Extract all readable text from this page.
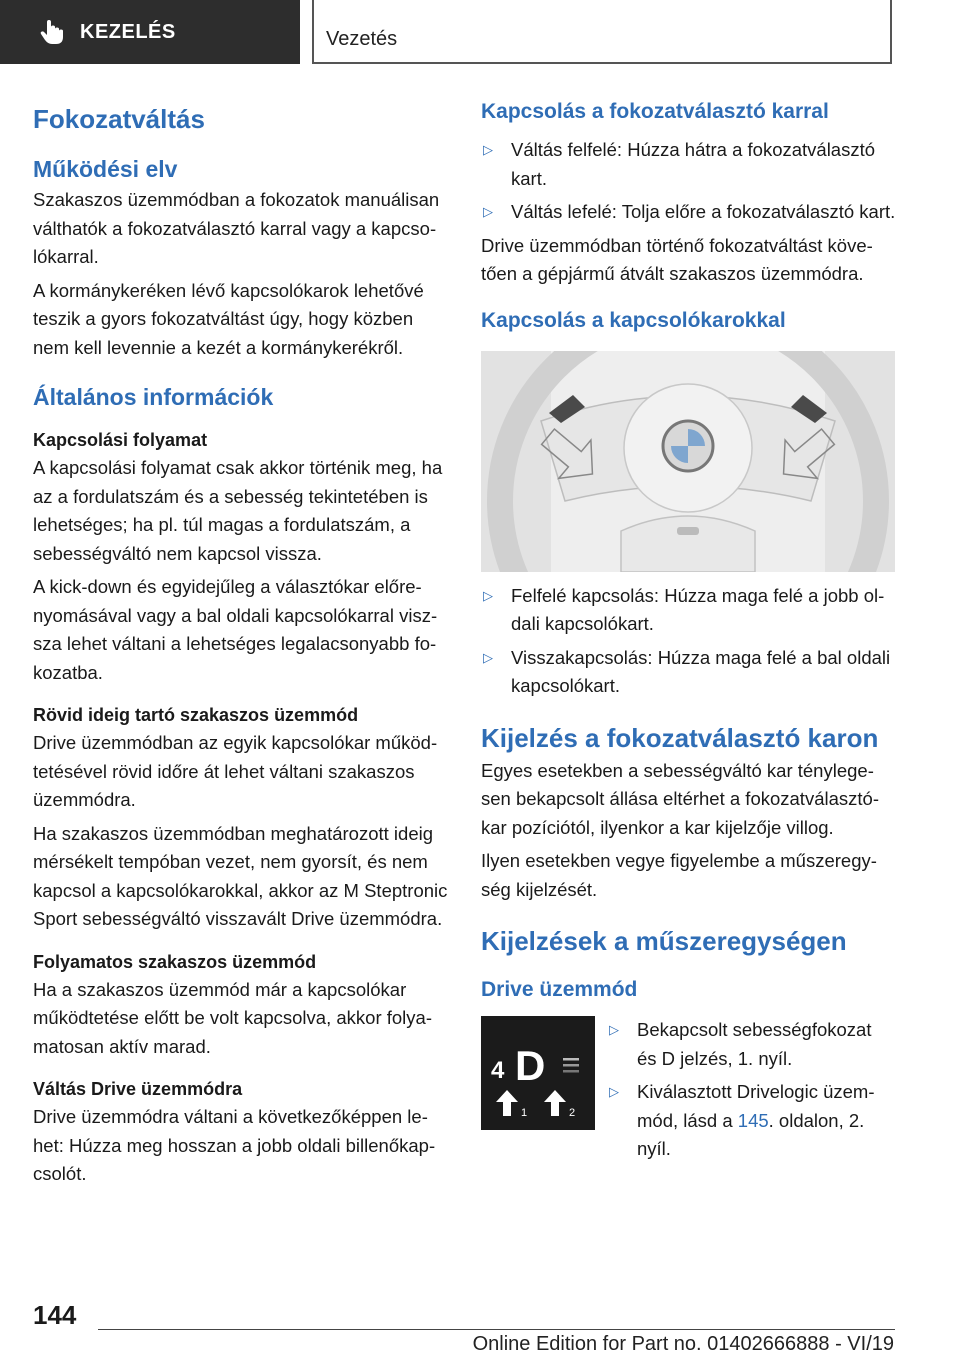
KEZELÉS	Vezetés
Fokozatváltás
Működési elv

Szakaszos üzemmódban a fokozatok manuálisan válthatók a fokozatválasztó karral vagy a kapcsolókarral.

A kormánykeréken lévő kapcsolókarok lehetővé teszik a gyors fokozatváltást úgy, hogy közben nem kell levennie a kezét a kormánykerékről.

Általános információk
Kapcsolási folyamat

A kapcsolási folyamat csak akkor történik meg, ha az a fordulatszám és a sebesség tekintetében is lehetséges; ha pl. túl magas a fordulatszám, a sebességváltó nem kapcsol vissza.

A kick-down és egyidejűleg a választókar előrenyomásával vagy a bal oldali kapcsolókarral viszsza lehet váltani a lehetséges legalacsonyabb fokozatba.

Rövid ideig tartó szakaszos üzemmód

Drive üzemmódban az egyik kapcsolókar működtetésével rövid időre át lehet váltani szakaszos üzemmódra.

Ha szakaszos üzemmódban meghatározott ideig mérsékelt tempóban vezet, nem gyorsít, és nem kapcsol a kapcsolókarokkal, akkor az M Steptronic Sport sebességváltó visszavált Drive üzemmódra.

Folyamatos szakaszos üzemmód

Ha a szakaszos üzemmód már a kapcsolókar működtetése előtt be volt kapcsolva, akkor folyamatosan aktív marad.

Váltás Drive üzemmódra

Drive üzemmódra váltani a következőképpen lehet: Húzza meg hosszan a jobb oldali billenőkapcsolót.

Kapcsolás a fokozatválasztó karral
▷ Váltás felfelé: Húzza hátra a fokozatválasztó kart.
▷ Váltás lefelé: Tolja előre a fokozatválasztó kart.

Drive üzemmódban történő fokozatváltást követően a gépjármű átvált szakaszos üzemmódra.

Kapcsolás a kapcsolókarokkal
▷ Felfelé kapcsolás: Húzza maga felé a jobb oldali kapcsolókart.
▷ Visszakapcsolás: Húzza maga felé a bal oldali kapcsolókart.
Kijelzés a fokozatválasztó karon

Egyes esetekben a sebességváltó kar ténylegesen bekapcsolt állása eltérhet a fokozatválasztókar pozíciótól, ilyenkor a kar kijelzője villog.

Ilyen esetekben vegye figyelembe a műszeregység kijelzését.

Kijelzések a műszeregységen
Drive üzemmód
4 D
1	2
▷ Bekapcsolt sebességfokozat és D jelzés, 1. nyíl.
▷ Kiválasztott Drivelogic üzemmód, lásd a 145. oldalon, 2. nyíl.
144
Online Edition for Part no. 01402666888 - VI/19
